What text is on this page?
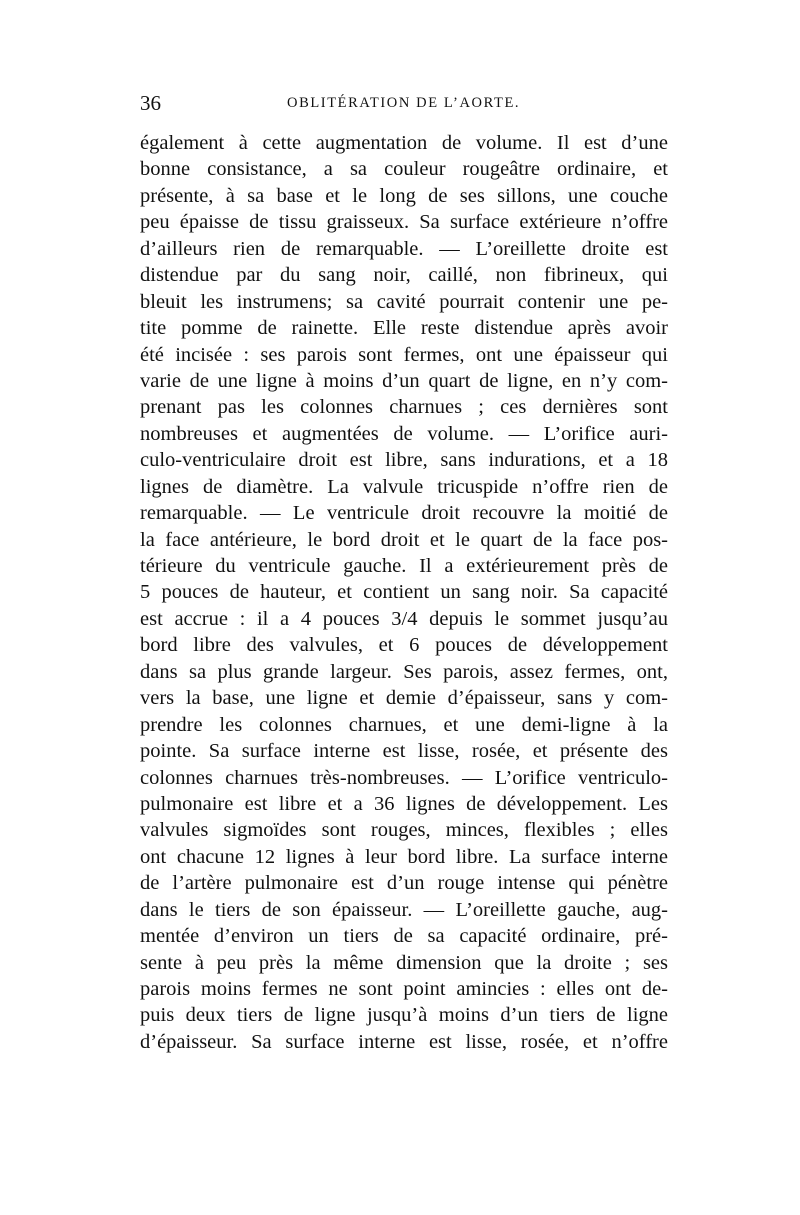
36	OBLITÉRATION DE L’AORTE.
également à cette augmentation de volume. Il est d’une
bonne consistance, a sa couleur rougeâtre ordinaire, et
présente, à sa base et le long de ses sillons, une couche
peu épaisse de tissu graisseux. Sa surface extérieure n’offre
d’ailleurs rien de remarquable. — L’oreillette droite est
distendue par du sang noir, caillé, non fibrineux, qui
bleuit les instrumens; sa cavité pourrait contenir une pe-
tite pomme de rainette. Elle reste distendue après avoir
été incisée : ses parois sont fermes, ont une épaisseur qui
varie de une ligne à moins d’un quart de ligne, en n’y com-
prenant pas les colonnes charnues ; ces dernières sont
nombreuses et augmentées de volume. — L’orifice auri-
culo-ventriculaire droit est libre, sans indurations, et a 18
lignes de diamètre. La valvule tricuspide n’offre rien de
remarquable. — Le ventricule droit recouvre la moitié de
la face antérieure, le bord droit et le quart de la face pos-
térieure du ventricule gauche. Il a extérieurement près de
5 pouces de hauteur, et contient un sang noir. Sa capacité
est accrue : il a 4 pouces 3/4 depuis le sommet jusqu’au
bord libre des valvules, et 6 pouces de développement
dans sa plus grande largeur. Ses parois, assez fermes, ont,
vers la base, une ligne et demie d’épaisseur, sans y com-
prendre les colonnes charnues, et une demi-ligne à la
pointe. Sa surface interne est lisse, rosée, et présente des
colonnes charnues très-nombreuses. — L’orifice ventriculo-
pulmonaire est libre et a 36 lignes de développement. Les
valvules sigmoïdes sont rouges, minces, flexibles ; elles
ont chacune 12 lignes à leur bord libre. La surface interne
de l’artère pulmonaire est d’un rouge intense qui pénètre
dans le tiers de son épaisseur. — L’oreillette gauche, aug-
mentée d’environ un tiers de sa capacité ordinaire, pré-
sente à peu près la même dimension que la droite ; ses
parois moins fermes ne sont point amincies : elles ont de-
puis deux tiers de ligne jusqu’à moins d’un tiers de ligne
d’épaisseur. Sa surface interne est lisse, rosée, et n’offre
